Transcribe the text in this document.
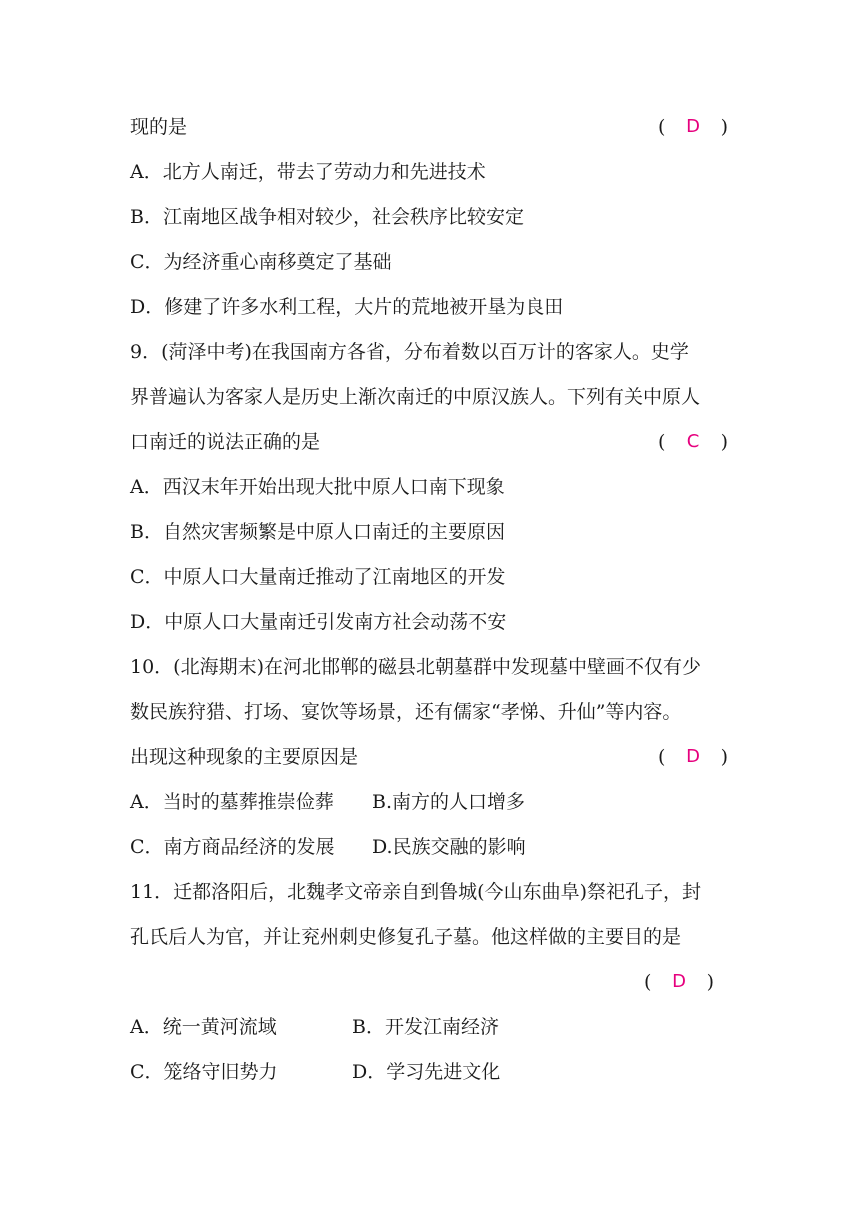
现的是	(	D	)
A．北方人南迁，带去了劳动力和先进技术
B．江南地区战争相对较少，社会秩序比较安定
C．为经济重心南移奠定了基础
D．修建了许多水利工程，大片的荒地被开垦为良田
9．(菏泽中考)在我国南方各省，分布着数以百万计的客家人。史学
界普遍认为客家人是历史上渐次南迁的中原汉族人。下列有关中原人
口南迁的说法正确的是	(	C	)
A．西汉末年开始出现大批中原人口南下现象
B．自然灾害频繁是中原人口南迁的主要原因
C．中原人口大量南迁推动了江南地区的开发
D．中原人口大量南迁引发南方社会动荡不安
10．(北海期末)在河北邯郸的磁县北朝墓群中发现墓中壁画不仅有少
数民族狩猎、打场、宴饮等场景，还有儒家“孝悌、升仙”等内容。
出现这种现象的主要原因是	(	D	)
A．当时的墓葬推崇俭葬 B.南方的人口增多
C．南方商品经济的发展 D.民族交融的影响
11．迁都洛阳后，北魏孝文帝亲自到鲁城(今山东曲阜)祭祀孔子，封
孔氏后人为官，并让兖州刺史修复孔子墓。他这样做的主要目的是
(	D	)
A．统一黄河流域	B．开发江南经济
C．笼络守旧势力	D．学习先进文化
